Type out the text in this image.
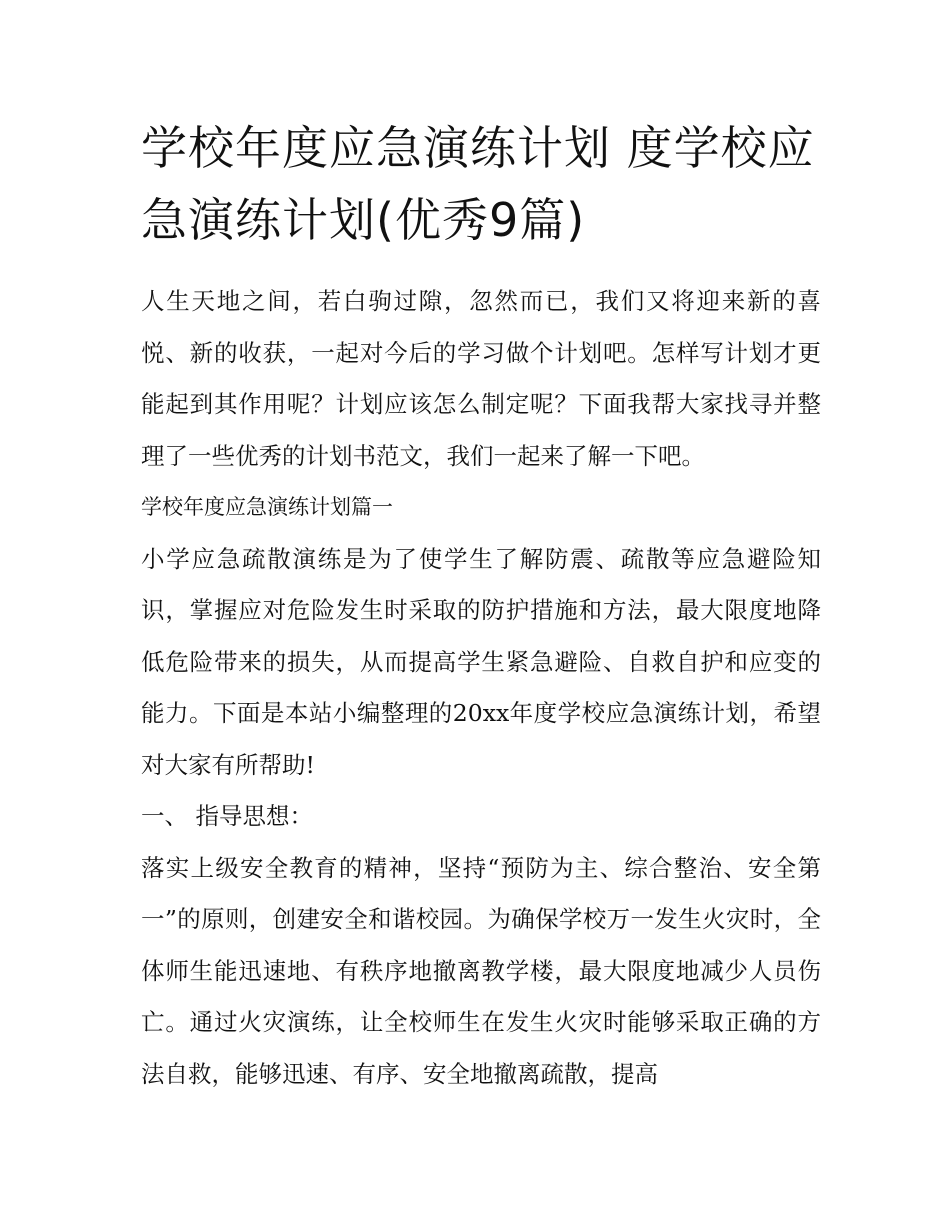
学校年度应急演练计划 度学校应急演练计划(优秀9篇)

人生天地之间，若白驹过隙，忽然而已，我们又将迎来新的喜悦、新的收获，一起对今后的学习做个计划吧。怎样写计划才更能起到其作用呢？计划应该怎么制定呢？下面我帮大家找寻并整理了一些优秀的计划书范文，我们一起来了解一下吧。

学校年度应急演练计划篇一

小学应急疏散演练是为了使学生了解防震、疏散等应急避险知识，掌握应对危险发生时采取的防护措施和方法，最大限度地降低危险带来的损失，从而提高学生紧急避险、自救自护和应变的能力。下面是本站小编整理的20xx年度学校应急演练计划，希望对大家有所帮助!

一、 指导思想：

落实上级安全教育的精神，坚持“预防为主、综合整治、安全第一”的原则，创建安全和谐校园。为确保学校万一发生火灾时，全体师生能迅速地、有秩序地撤离教学楼，最大限度地减少人员伤亡。通过火灾演练，让全校师生在发生火灾时能够采取正确的方法自救，能够迅速、有序、安全地撤离疏散，提高
